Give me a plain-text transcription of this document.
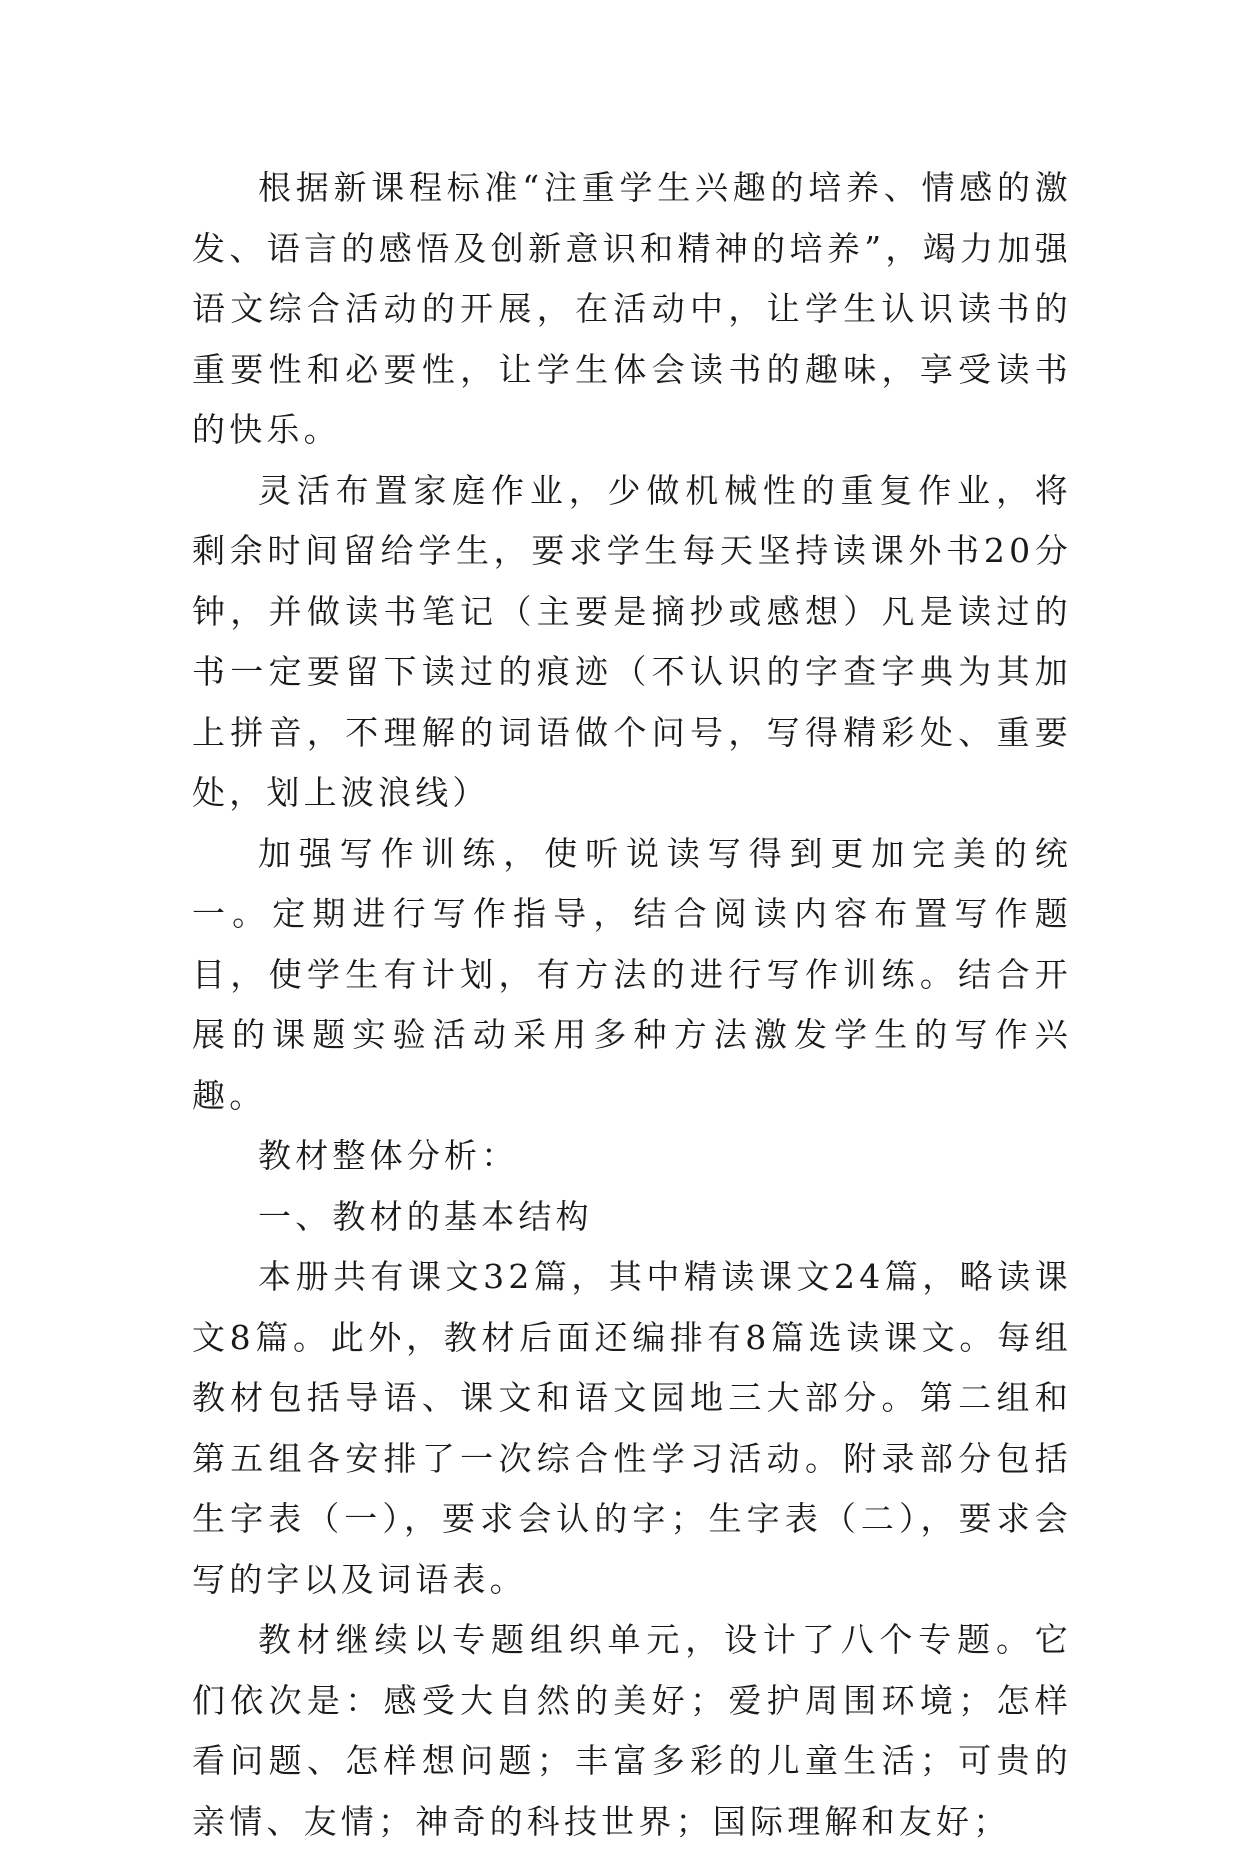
根据新课程标准“注重学生兴趣的培养、情感的激发、语言的感悟及创新意识和精神的培养”，竭力加强语文综合活动的开展，在活动中，让学生认识读书的重要性和必要性，让学生体会读书的趣味，享受读书的快乐。

灵活布置家庭作业，少做机械性的重复作业，将剩余时间留给学生，要求学生每天坚持读课外书20分钟，并做读书笔记（主要是摘抄或感想）凡是读过的书一定要留下读过的痕迹（不认识的字查字典为其加上拼音，不理解的词语做个问号，写得精彩处、重要处，划上波浪线）

加强写作训练，使听说读写得到更加完美的统一。定期进行写作指导，结合阅读内容布置写作题目，使学生有计划，有方法的进行写作训练。结合开展的课题实验活动采用多种方法激发学生的写作兴趣。

教材整体分析：

一、教材的基本结构

本册共有课文32篇，其中精读课文24篇，略读课文8篇。此外，教材后面还编排有8篇选读课文。每组教材包括导语、课文和语文园地三大部分。第二组和第五组各安排了一次综合性学习活动。附录部分包括生字表（一），要求会认的字；生字表（二），要求会写的字以及词语表。

教材继续以专题组织单元，设计了八个专题。它们依次是：感受大自然的美好；爱护周围环境；怎样看问题、怎样想问题；丰富多彩的儿童生活；可贵的亲情、友情；神奇的科技世界；国际理解和友好；
